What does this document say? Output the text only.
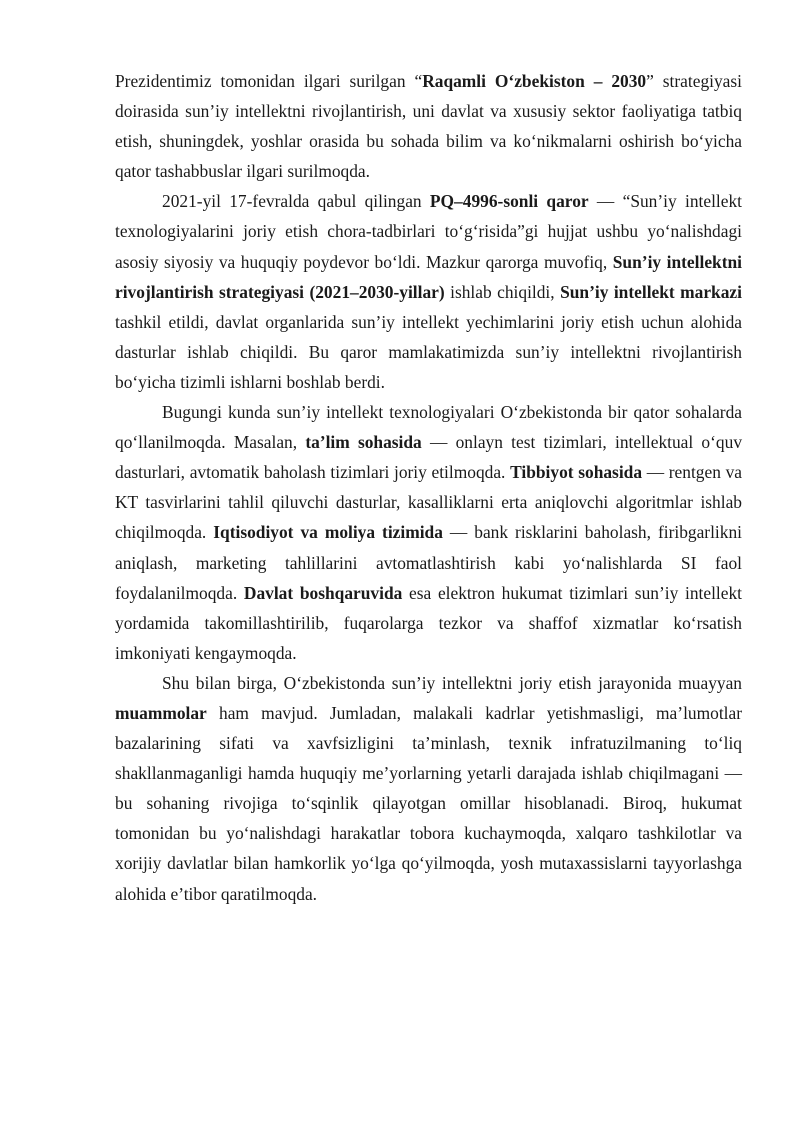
Prezidentimiz tomonidan ilgari surilgan “Raqamli O‘zbekiston – 2030” strategiyasi doirasida sun’iy intellektni rivojlantirish, uni davlat va xususiy sektor faoliyatiga tatbiq etish, shuningdek, yoshlar orasida bu sohada bilim va ko‘nikmalarni oshirish bo‘yicha qator tashabbuslar ilgari surilmoqda.

2021-yil 17-fevralda qabul qilingan PQ–4996-sonli qaror — “Sun’iy intellekt texnologiyalarini joriy etish chora-tadbirlari to‘g‘risida”gi hujjat ushbu yo‘nalishdagi asosiy siyosiy va huquqiy poydevor bo‘ldi. Mazkur qarorga muvofiq, Sun’iy intellektni rivojlantirish strategiyasi (2021–2030-yillar) ishlab chiqildi, Sun’iy intellekt markazi tashkil etildi, davlat organlarida sun’iy intellekt yechimlarini joriy etish uchun alohida dasturlar ishlab chiqildi. Bu qaror mamlakatimizda sun’iy intellektni rivojlantirish bo‘yicha tizimli ishlarni boshlab berdi.

Bugungi kunda sun’iy intellekt texnologiyalari O‘zbekistonda bir qator sohalarda qo‘llanilmoqda. Masalan, ta’lim sohasida — onlayn test tizimlari, intellektual o‘quv dasturlari, avtomatik baholash tizimlari joriy etilmoqda. Tibbiyot sohasida — rentgen va KT tasvirlarini tahlil qiluvchi dasturlar, kasalliklarni erta aniqlovchi algoritmlar ishlab chiqilmoqda. Iqtisodiyot va moliya tizimida — bank risklarini baholash, firibgarlikni aniqlash, marketing tahlillarini avtomatlashtirish kabi yo‘nalishlarda SI faol foydalanilmoqda. Davlat boshqaruvida esa elektron hukumat tizimlari sun’iy intellekt yordamida takomillashtirilib, fuqarolarga tezkor va shaffof xizmatlar ko‘rsatish imkoniyati kengaymoqda.

Shu bilan birga, O‘zbekistonda sun’iy intellektni joriy etish jarayonida muayyan muammolar ham mavjud. Jumladan, malakali kadrlar yetishmasligi, ma’lumotlar bazalarining sifati va xavfsizligini ta’minlash, texnik infratuzilmaning to‘liq shakllanmaganligi hamda huquqiy me’yorlarning yetarli darajada ishlab chiqilmagani — bu sohaning rivojiga to‘sqinlik qilayotgan omillar hisoblanadi. Biroq, hukumat tomonidan bu yo‘nalishdagi harakatlar tobora kuchaymoqda, xalqaro tashkilotlar va xorijiy davlatlar bilan hamkorlik yo‘lga qo‘yilmoqda, yosh mutaxassislarni tayyorlashga alohida e’tibor qaratilmoqda.
